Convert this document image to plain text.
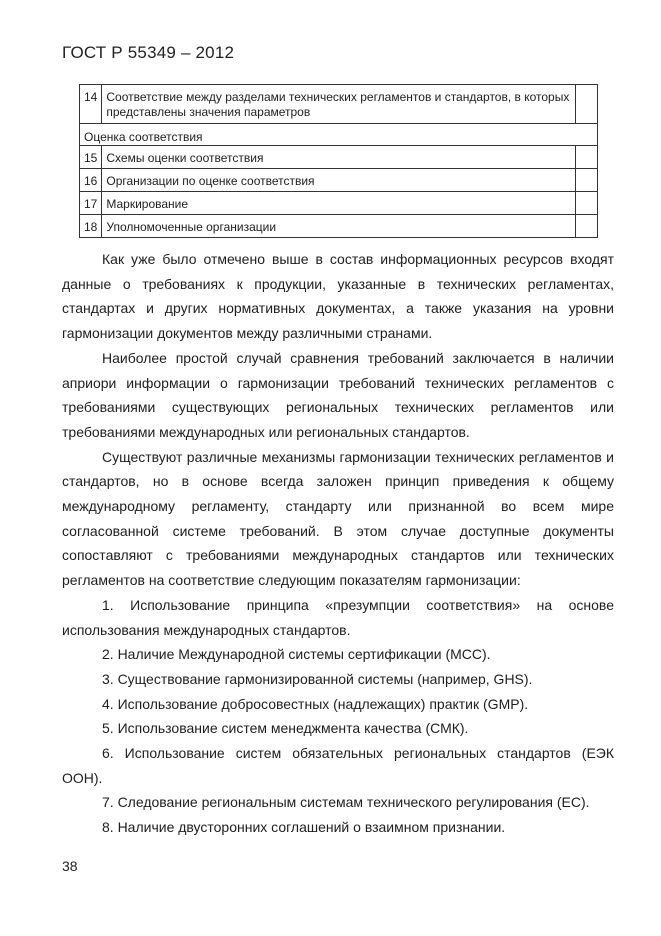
ГОСТ Р 55349 – 2012
14	Соответствие между разделами технических регламентов и стандартов, в которых представлены значения параметров	
Оценка соответствия		
15	Схемы оценки соответствия	
16	Организации по оценке соответствия	
17	Маркирование	
18	Уполномоченные организации	

Как уже было отмечено выше в состав информационных ресурсов входят данные о требованиях к продукции, указанные в технических регламентах, стандартах и других нормативных документах, а также указания на уровни гармонизации документов между различными странами.

Наиболее простой случай сравнения требований заключается в наличии априори информации о гармонизации требований технических регламентов с требованиями существующих региональных технических регламентов или требованиями международных или региональных стандартов.

Существуют различные механизмы гармонизации технических регламентов и стандартов, но в основе всегда заложен принцип приведения к общему международному регламенту, стандарту или признанной во всем мире согласованной системе требований. В этом случае доступные документы сопоставляют с требованиями международных стандартов или технических регламентов на соответствие следующим показателям гармонизации:

1. Использование принципа «презумпции соответствия» на основе использования международных стандартов.

2. Наличие Международной системы сертификации (МСС).

3. Существование гармонизированной системы (например, GHS).

4. Использование добросовестных (надлежащих) практик (GMP).

5. Использование систем менеджмента качества (СМК).

6. Использование систем обязательных региональных стандартов (ЕЭК ООН).

7. Следование региональным системам технического регулирования (ЕС).

8. Наличие двусторонних соглашений о взаимном признании.

38
